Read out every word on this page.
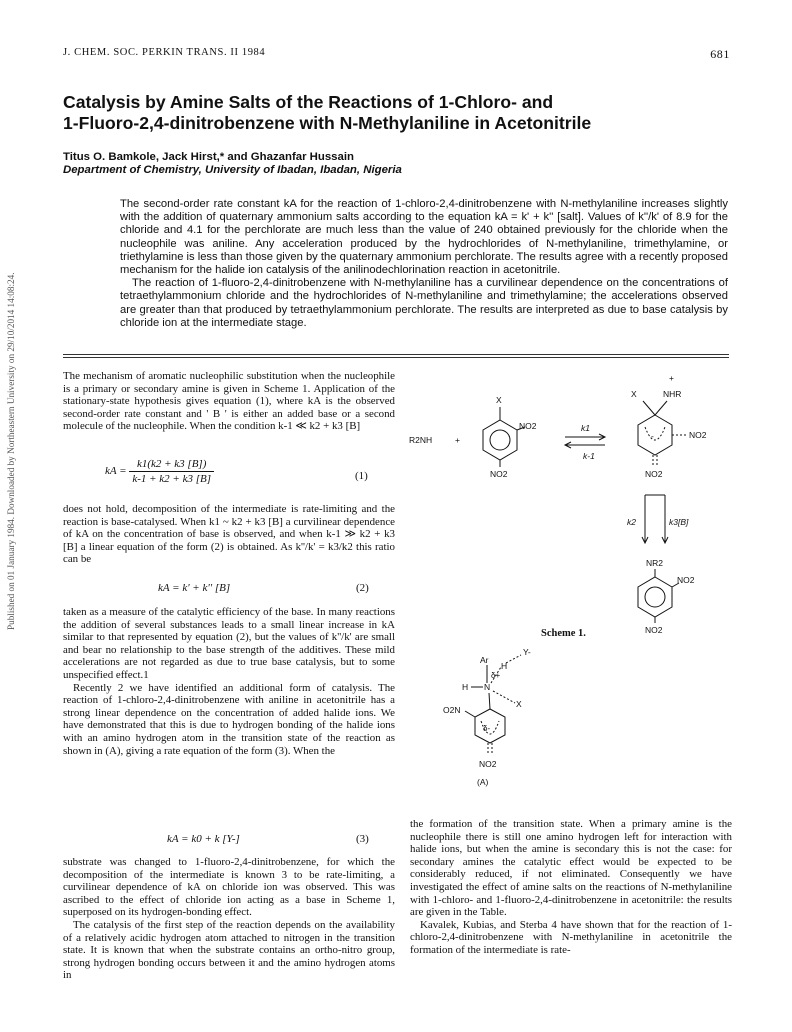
Published on 01 January 1984. Downloaded by Northeastern University on 29/10/2014 14:08:24.
J. CHEM. SOC. PERKIN TRANS. II 1984	681
Catalysis by Amine Salts of the Reactions of 1-Chloro- and
1-Fluoro-2,4-dinitrobenzene with N-Methylaniline in Acetonitrile
Titus O. Bamkole, Jack Hirst,* and Ghazanfar Hussain
Department of Chemistry, University of Ibadan, Ibadan, Nigeria

The second-order rate constant kA for the reaction of 1-chloro-2,4-dinitrobenzene with N-methylaniline increases slightly with the addition of quaternary ammonium salts according to the equation kA = k' + k'' [salt]. Values of k''/k' of 8.9 for the chloride and 4.1 for the perchlorate are much less than the value of 240 obtained previously for the chloride when the nucleophile was aniline. Any acceleration produced by the hydrochlorides of N-methylaniline, trimethylamine, or triethylamine is less than those given by the quaternary ammonium perchlorate. The results agree with a recently proposed mechanism for the halide ion catalysis of the anilinodechlorination reaction in acetonitrile.

The reaction of 1-fluoro-2,4-dinitrobenzene with N-methylaniline has a curvilinear dependence on the concentrations of tetraethylammonium chloride and the hydrochlorides of N-methylaniline and trimethylamine; the accelerations observed are greater than that produced by tetraethylammonium perchlorate. The results are interpreted as due to base catalysis by chloride ion at the intermediate stage.

The mechanism of aromatic nucleophilic substitution when the nucleophile is a primary or secondary amine is given in Scheme 1. Application of the stationary-state hypothesis gives equation (1), where kA is the observed second-order rate constant and ' B ' is either an added base or a second molecule of the nucleophile. When the condition k-1 ≪ k2 + k3 [B]

kA = $\frac{k1(k2 + k3 [B])}{k-1 + k2 + k3 [B]}$	(1)

does not hold, decomposition of the intermediate is rate-limiting and the reaction is base-catalysed. When k1 ~ k2 + k3 [B] a curvilinear dependence of kA on the concentration of base is observed, and when k-1 ≫ k2 + k3 [B] a linear equation of the form (2) is obtained. As k''/k' = k3/k2 this ratio can be

kA = k' + k'' [B]	(2)

taken as a measure of the catalytic efficiency of the base. In many reactions the addition of several substances leads to a small linear increase in kA similar to that represented by equation (2), but the values of k''/k' are small and bear no relationship to the base strength of the additives. These mild accelerations are not regarded as due to true base catalysis, but to some unspecified effect.1

Recently 2 we have identified an additional form of catalysis. The reaction of 1-chloro-2,4-dinitrobenzene with aniline in acetonitrile has a strong linear dependence on the concentration of added halide ions. We have demonstrated that this is due to hydrogen bonding of the halide ions with an amino hydrogen atom in the transition state of the reaction as shown in (A), giving a rate equation of the form (3). When the

kA = k0 + k [Y-]	(3)

substrate was changed to 1-fluoro-2,4-dinitrobenzene, for which the decomposition of the intermediate is known 3 to be rate-limiting, a curvilinear dependence of kA on chloride ion was observed. This was ascribed to the effect of chloride ion acting as a base in Scheme 1, superposed on its hydrogen-bonding effect.

The catalysis of the first step of the reaction depends on the availability of a relatively acidic hydrogen atom attached to nitrogen in the transition state. It is known that when the substrate contains an ortho-nitro group, strong hydrogen bonding occurs between it and the amino hydrogen atoms in

R2NH	+
X
NO2
NO2
k1
k-1
+
X	NHR
-	NO2
NO2
k2	k3[B]
NR2
NO2
NO2
Ar
δ+
H
Y-
H N
X
O2N
δ-
NO2
(A)
Scheme 1.

the formation of the transition state. When a primary amine is the nucleophile there is still one amino hydrogen left for interaction with halide ions, but when the amine is secondary this is not the case: for secondary amines the catalytic effect would be expected to be considerably reduced, if not eliminated. Consequently we have investigated the effect of amine salts on the reactions of N-methylaniline with 1-chloro- and 1-fluoro-2,4-dinitrobenzene in acetonitrile: the results are given in the Table.

Kavalek, Kubias, and Sterba 4 have shown that for the reaction of 1-chloro-2,4-dinitrobenzene with N-methylaniline in acetonitrile the formation of the intermediate is rate-
